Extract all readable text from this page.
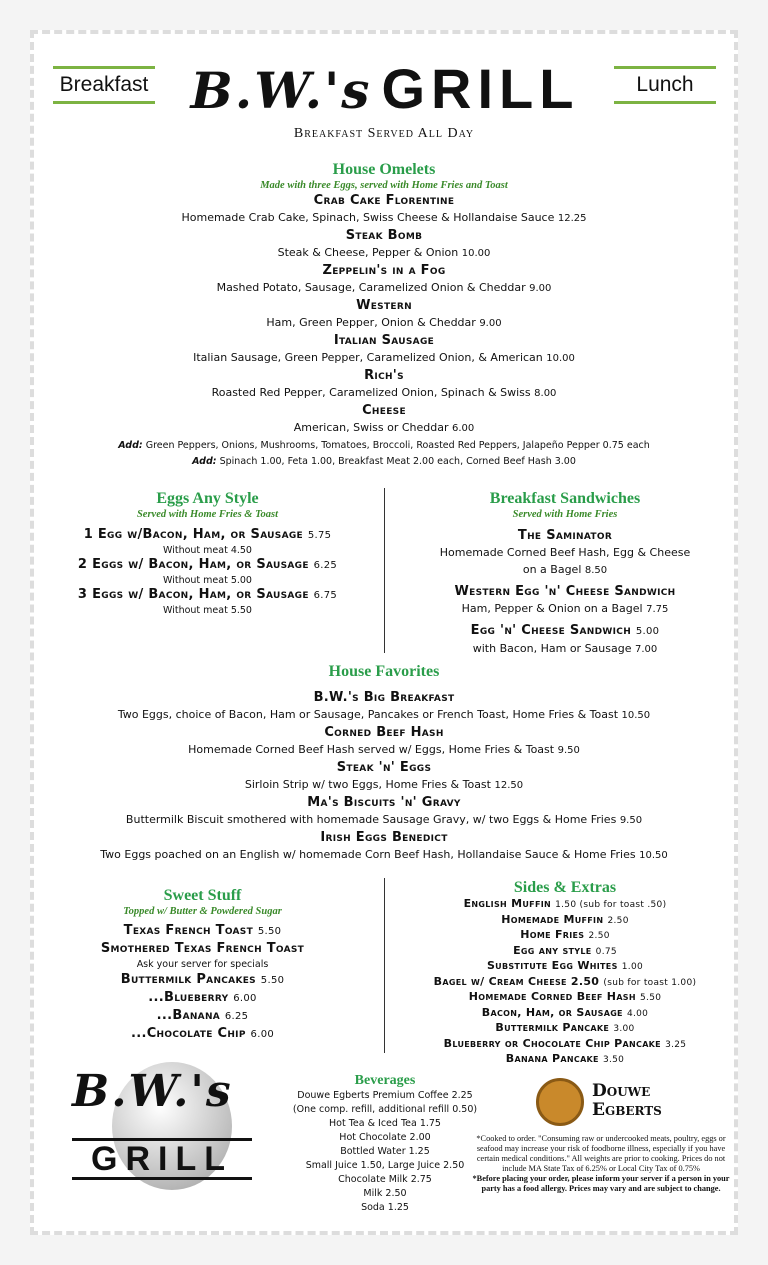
Breakfast	Lunch
B.W.'s GRILL
Breakfast Served All Day
House Omelets
Made with three Eggs, served with Home Fries and Toast
Crab Cake Florentine
Homemade Crab Cake, Spinach, Swiss Cheese & Hollandaise Sauce 12.25
Steak Bomb
Steak & Cheese, Pepper & Onion 10.00
Zeppelin's in a Fog
Mashed Potato, Sausage, Caramelized Onion & Cheddar 9.00
Western
Ham, Green Pepper, Onion & Cheddar 9.00
Italian Sausage
Italian Sausage, Green Pepper, Caramelized Onion, & American 10.00
Rich's
Roasted Red Pepper, Caramelized Onion, Spinach & Swiss 8.00
Cheese
American, Swiss or Cheddar 6.00
Add: Green Peppers, Onions, Mushrooms, Tomatoes, Broccoli, Roasted Red Peppers, Jalapeño Pepper 0.75 each
Add: Spinach 1.00, Feta 1.00, Breakfast Meat 2.00 each, Corned Beef Hash 3.00
Eggs Any Style
Served with Home Fries & Toast
1 Egg w/Bacon, Ham, or Sausage 5.75
Without meat 4.50
2 Eggs w/ Bacon, Ham, or Sausage 6.25
Without meat 5.00
3 Eggs w/ Bacon, Ham, or Sausage 6.75
Without meat 5.50
Breakfast Sandwiches
Served with Home Fries
The Saminator
Homemade Corned Beef Hash, Egg & Cheese
on a Bagel 8.50
Western Egg 'n' Cheese Sandwich
Ham, Pepper & Onion on a Bagel 7.75
Egg 'n' Cheese Sandwich 5.00
with Bacon, Ham or Sausage 7.00
House Favorites
B.W.'s Big Breakfast
Two Eggs, choice of Bacon, Ham or Sausage, Pancakes or French Toast, Home Fries & Toast 10.50
Corned Beef Hash
Homemade Corned Beef Hash served w/ Eggs, Home Fries & Toast 9.50
Steak 'n' Eggs
Sirloin Strip w/ two Eggs, Home Fries & Toast 12.50
Ma's Biscuits 'n' Gravy
Buttermilk Biscuit smothered with homemade Sausage Gravy, w/ two Eggs & Home Fries 9.50
Irish Eggs Benedict
Two Eggs poached on an English w/ homemade Corn Beef Hash, Hollandaise Sauce & Home Fries 10.50
Sweet Stuff
Topped w/ Butter & Powdered Sugar
Texas French Toast 5.50
Smothered Texas French Toast
Ask your server for specials
Buttermilk Pancakes 5.50
...Blueberry 6.00
...Banana 6.25
...Chocolate Chip 6.00
Sides & Extras
English Muffin 1.50 (sub for toast .50)
Homemade Muffin 2.50
Home Fries 2.50
Egg any style 0.75
Substitute Egg Whites 1.00
Bagel w/ Cream Cheese 2.50 (sub for toast 1.00)
Homemade Corned Beef Hash 5.50
Bacon, Ham, or Sausage 4.00
Buttermilk Pancake 3.00
Blueberry or Chocolate Chip Pancake 3.25
Banana Pancake 3.50
B.W.'s
GRILL
Beverages
Douwe Egberts Premium Coffee 2.25
(One comp. refill, additional refill 0.50)
Hot Tea & Iced Tea 1.75
Hot Chocolate 2.00
Bottled Water 1.25
Small Juice 1.50, Large Juice 2.50
Chocolate Milk 2.75
Milk 2.50
Soda 1.25
Douwe
Egberts
*Cooked to order. "Consuming raw or undercooked meats, poultry, eggs or seafood may increase your risk of foodborne illness, especially if you have certain medical conditions." All weights are prior to cooking. Prices do not include MA State Tax of 6.25% or Local City Tax of 0.75%
*Before placing your order, please inform your server if a person in your party has a food allergy. Prices may vary and are subject to change.
